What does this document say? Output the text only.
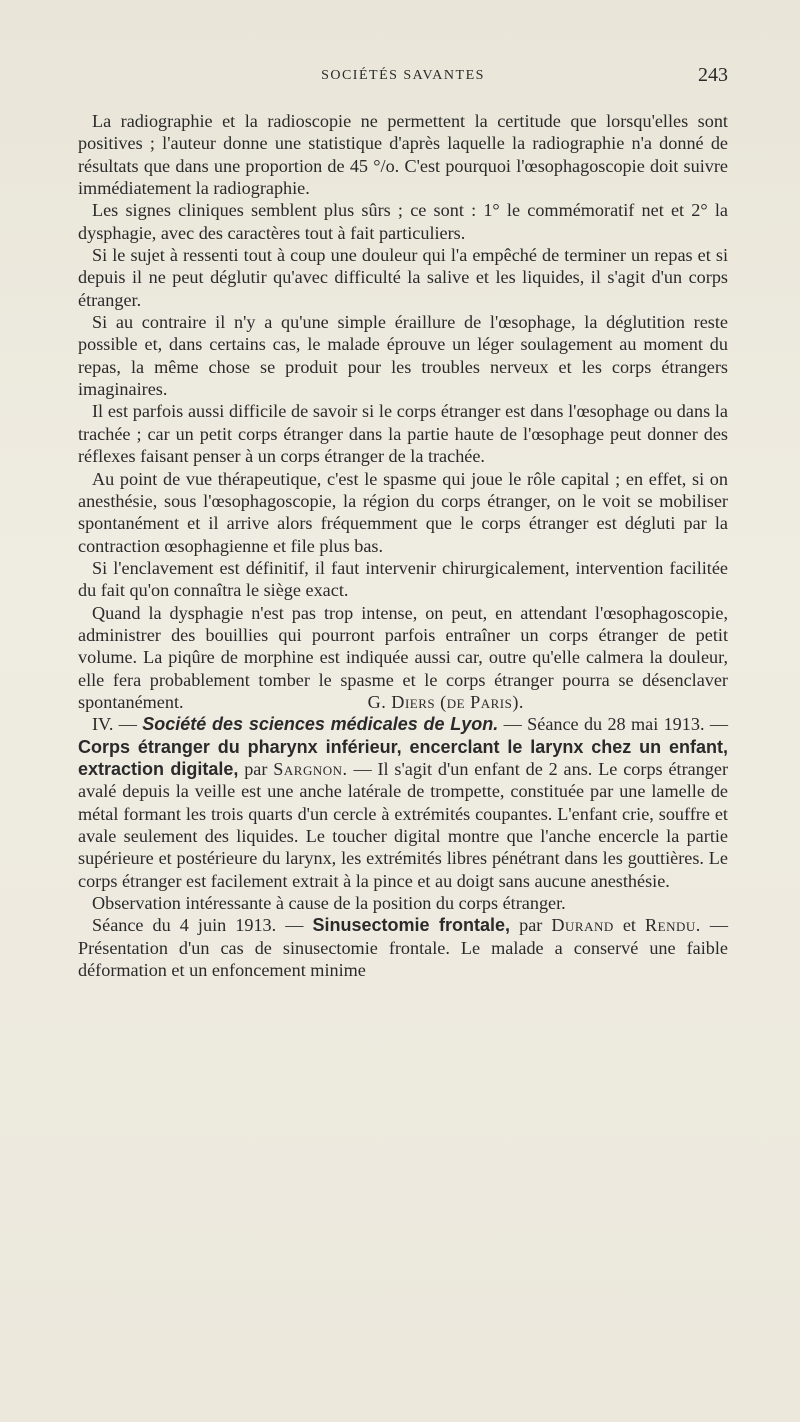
SOCIÉTÉS SAVANTES	243

La radiographie et la radioscopie ne permettent la certitude que lorsqu'elles sont positives ; l'auteur donne une statistique d'après laquelle la radiographie n'a donné de résultats que dans une proportion de 45 °/o. C'est pourquoi l'œsophagoscopie doit suivre immédiatement la radiographie.

Les signes cliniques semblent plus sûrs ; ce sont : 1° le commémoratif net et 2° la dysphagie, avec des caractères tout à fait particuliers.

Si le sujet à ressenti tout à coup une douleur qui l'a empêché de terminer un repas et si depuis il ne peut déglutir qu'avec difficulté la salive et les liquides, il s'agit d'un corps étranger.

Si au contraire il n'y a qu'une simple éraillure de l'œsophage, la déglutition reste possible et, dans certains cas, le malade éprouve un léger soulagement au moment du repas, la même chose se produit pour les troubles nerveux et les corps étrangers imaginaires.

Il est parfois aussi difficile de savoir si le corps étranger est dans l'œsophage ou dans la trachée ; car un petit corps étranger dans la partie haute de l'œsophage peut donner des réflexes faisant penser à un corps étranger de la trachée.

Au point de vue thérapeutique, c'est le spasme qui joue le rôle capital ; en effet, si on anesthésie, sous l'œsophagoscopie, la région du corps étranger, on le voit se mobiliser spontanément et il arrive alors fréquemment que le corps étranger est dégluti par la contraction œsophagienne et file plus bas.

Si l'enclavement est définitif, il faut intervenir chirurgicalement, intervention facilitée du fait qu'on connaîtra le siège exact.

Quand la dysphagie n'est pas trop intense, on peut, en attendant l'œsophagoscopie, administrer des bouillies qui pourront parfois entraîner un corps étranger de petit volume. La piqûre de morphine est indiquée aussi car, outre qu'elle calmera la douleur, elle fera probablement tomber le spasme et le corps étranger pourra se désenclaver spontanément.	G. Diers (de Paris).

IV. — Société des sciences médicales de Lyon. — Séance du 28 mai 1913. — Corps étranger du pharynx inférieur, encerclant le larynx chez un enfant, extraction digitale, par Sargnon. — Il s'agit d'un enfant de 2 ans. Le corps étranger avalé depuis la veille est une anche latérale de trompette, constituée par une lamelle de métal formant les trois quarts d'un cercle à extrémités coupantes. L'enfant crie, souffre et avale seulement des liquides. Le toucher digital montre que l'anche encercle la partie supérieure et postérieure du larynx, les extrémités libres pénétrant dans les gouttières. Le corps étranger est facilement extrait à la pince et au doigt sans aucune anesthésie.

Observation intéressante à cause de la position du corps étranger.

Séance du 4 juin 1913. — Sinusectomie frontale, par Durand et Rendu. — Présentation d'un cas de sinusectomie frontale. Le malade a conservé une faible déformation et un enfoncement minime
